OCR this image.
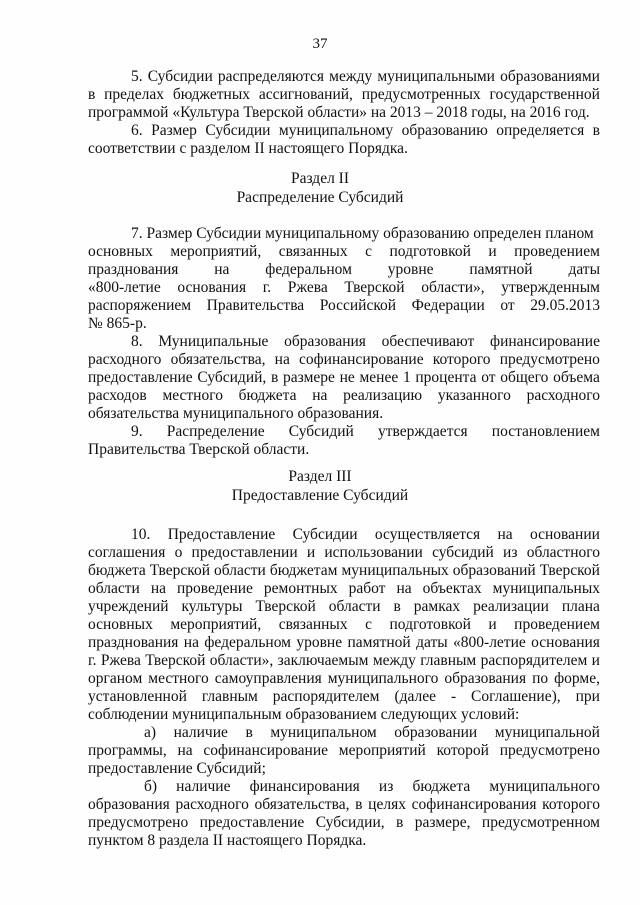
37
5. Субсидии распределяются между муниципальными образованиями
в пределах бюджетных ассигнований, предусмотренных государственной
программой «Культура Тверской области» на 2013 – 2018 годы, на 2016 год.
6. Размер Субсидии муниципальному образованию определяется в
соответствии с разделом II настоящего Порядка.
7. Размер Субсидии муниципальному образованию определен планом
основных мероприятий, связанных с подготовкой и проведением
празднования на федеральном уровне памятной даты
«800-летие основания г. Ржева Тверской области», утвержденным
распоряжением Правительства Российской Федерации от 29.05.2013
№ 865-р.
8. Муниципальные образования обеспечивают финансирование
расходного обязательства, на софинансирование которого предусмотрено
предоставление Субсидий, в размере не менее 1 процента от общего объема
расходов местного бюджета на реализацию указанного расходного
обязательства муниципального образования.
9. Распределение Субсидий утверждается постановлением
Правительства Тверской области.
10. Предоставление Субсидии осуществляется на основании
соглашения о предоставлении и использовании субсидий из областного
бюджета Тверской области бюджетам муниципальных образований Тверской
области на проведение ремонтных работ на объектах муниципальных
учреждений культуры Тверской области в рамках реализации плана
основных мероприятий, связанных с подготовкой и проведением
празднования на федеральном уровне памятной даты «800-летие основания
г. Ржева Тверской области», заключаемым между главным распорядителем и
органом местного самоуправления муниципального образования по форме,
установленной главным распорядителем (далее - Соглашение), при
соблюдении муниципальным образованием следующих условий:
а) наличие в муниципальном образовании муниципальной
программы, на софинансирование мероприятий которой предусмотрено
предоставление Субсидий;
б) наличие финансирования из бюджета муниципального
образования расходного обязательства, в целях софинансирования которого
предусмотрено предоставление Субсидии, в размере, предусмотренном
пунктом 8 раздела II настоящего Порядка.
Раздел II
Распределение Субсидий
Раздел III
Предоставление Субсидий
